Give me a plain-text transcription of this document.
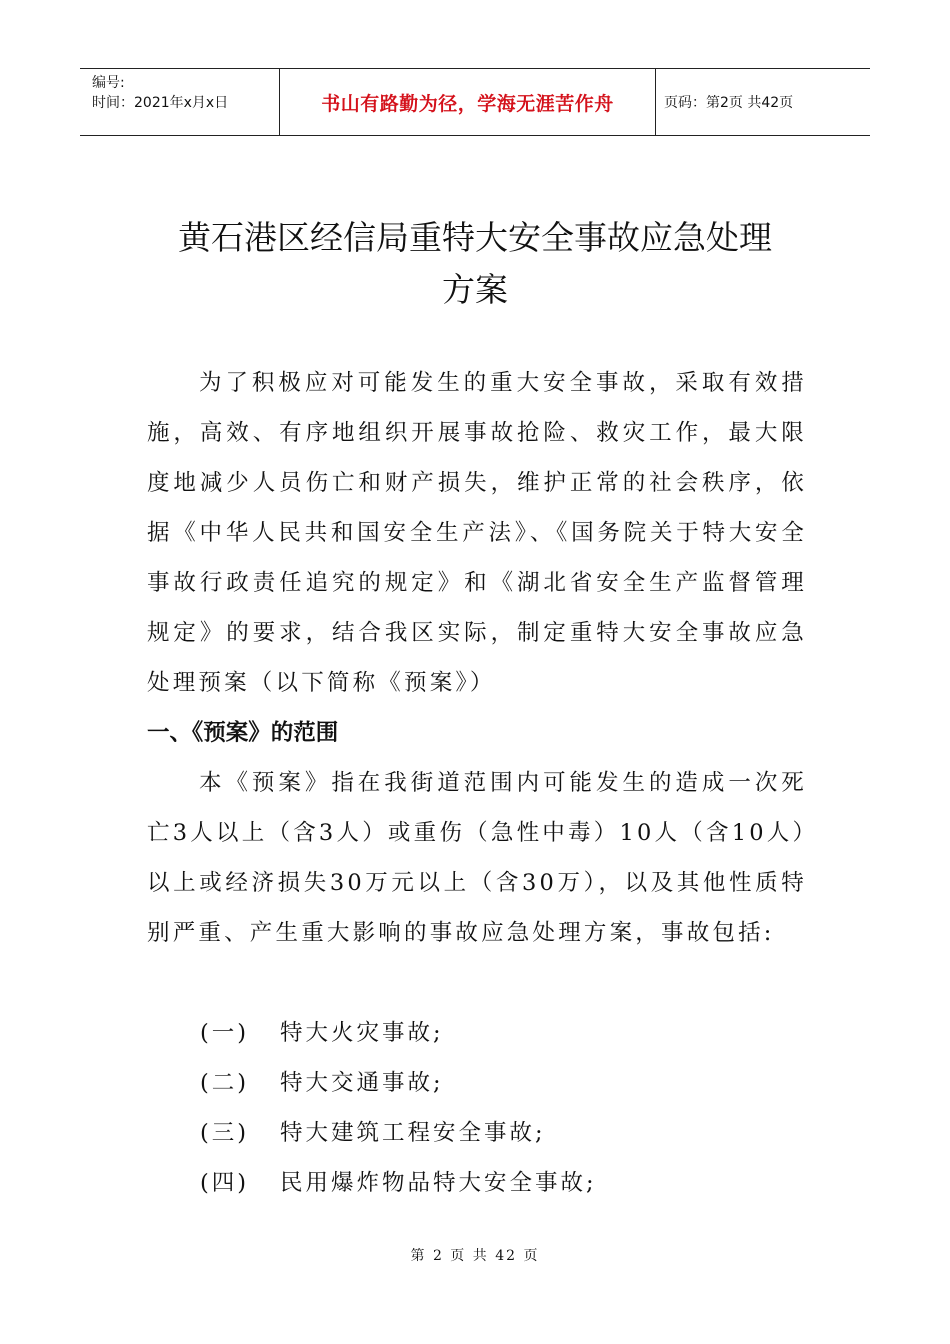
编号:
时间：2021年x月x日	书山有路勤为径，学海无涯苦作舟	页码：第2页 共42页
黄石港区经信局重特大安全事故应急处理
方案
为了积极应对可能发生的重大安全事故，采取有效措施，高效、有序地组织开展事故抢险、救灾工作，最大限度地减少人员伤亡和财产损失，维护正常的社会秩序，依据《中华人民共和国安全生产法》、《国务院关于特大安全事故行政责任追究的规定》和《湖北省安全生产监督管理规定》的要求，结合我区实际，制定重特大安全事故应急处理预案（以下简称《预案》）
一、《预案》的范围
本《预案》指在我街道范围内可能发生的造成一次死亡3人以上（含3人）或重伤（急性中毒）10人（含10人）以上或经济损失30万元以上（含30万），以及其他性质特别严重、产生重大影响的事故应急处理方案，事故包括:
(一)	特大火灾事故;
(二)	特大交通事故;
(三)	特大建筑工程安全事故;
(四)	民用爆炸物品特大安全事故;
第 2 页 共 42 页
